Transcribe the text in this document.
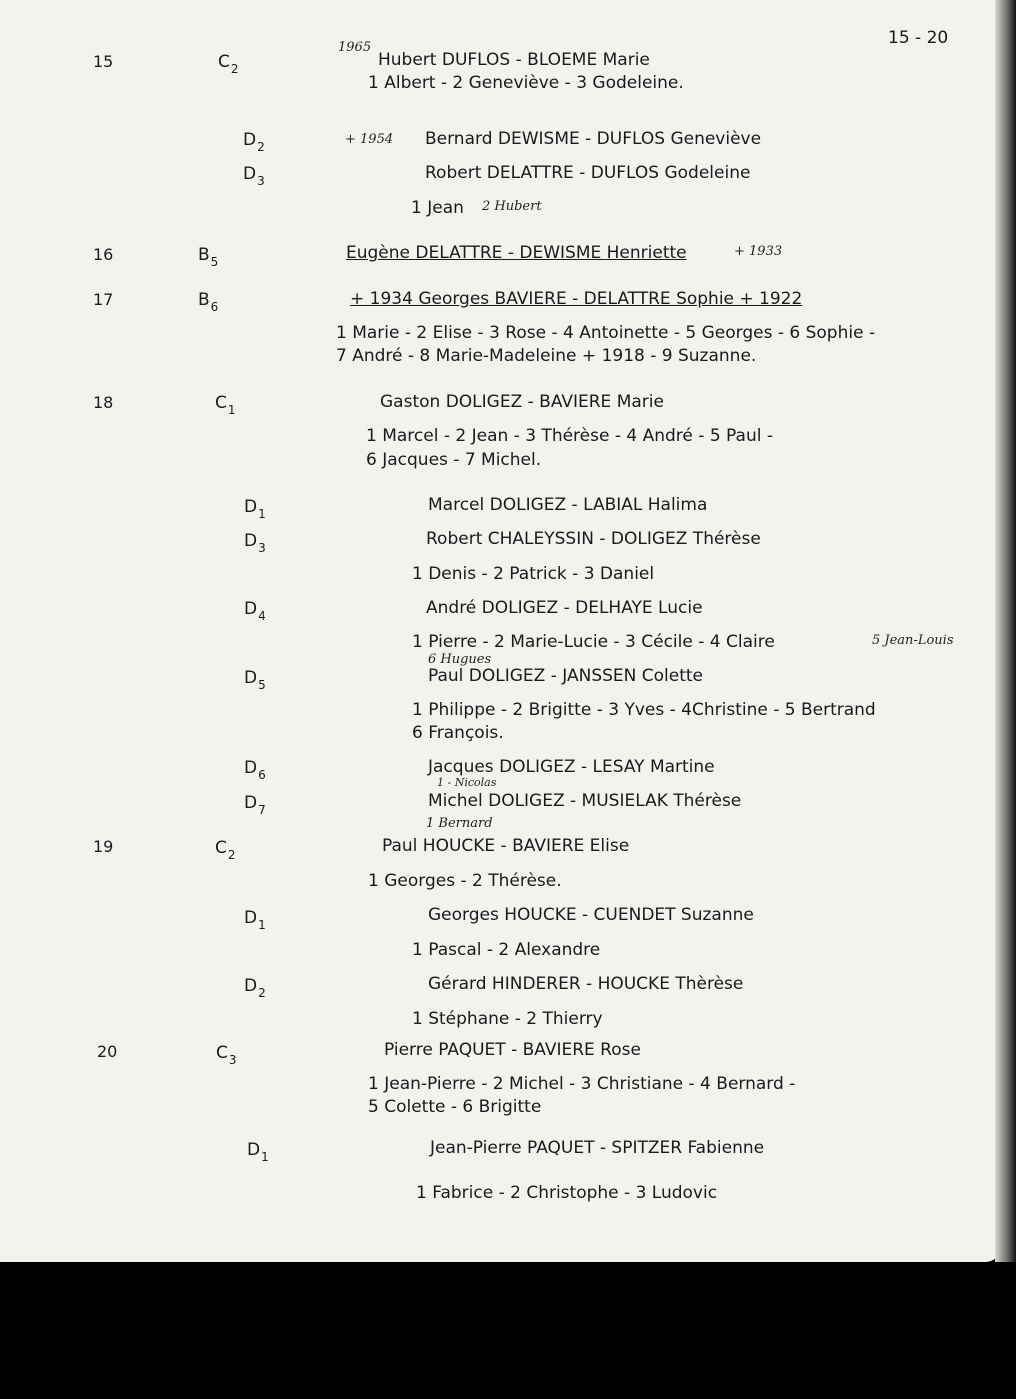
15 - 20
15	$C_2$
1965
Hubert DUFLOS - BLOEME Marie
1 Albert - 2 Geneviève - 3 Godeleine.
$D_2$	+ 1954 Bernard DEWISME - DUFLOS Geneviève
$D_3$	Robert DELATTRE - DUFLOS Godeleine
1 Jean 2 Hubert
16	$B_5$	Eugène DELATTRE - DEWISME Henriette	+ 1933
17	$B_6$	+ 1934 Georges BAVIERE - DELATTRE Sophie + 1922
1 Marie - 2 Elise - 3 Rose - 4 Antoinette - 5 Georges - 6 Sophie -
7 André - 8 Marie-Madeleine + 1918 - 9 Suzanne.
18	$C_1$	Gaston DOLIGEZ - BAVIERE Marie
1 Marcel - 2 Jean - 3 Thérèse - 4 André - 5 Paul -
6 Jacques - 7 Michel.
$D_1$	Marcel DOLIGEZ - LABIAL Halima
$D_3$	Robert CHALEYSSIN - DOLIGEZ Thérèse
1 Denis - 2 Patrick - 3 Daniel
$D_4$	André DOLIGEZ - DELHAYE Lucie
1 Pierre - 2 Marie-Lucie - 3 Cécile - 4 Claire	5 Jean-Louis
6 Hugues
$D_5$	Paul DOLIGEZ - JANSSEN Colette
1 Philippe - 2 Brigitte - 3 Yves - 4Christine - 5 Bertrand
6 François.
$D_6$	Jacques DOLIGEZ - LESAY Martine
1 - Nicolas
$D_7$	Michel DOLIGEZ - MUSIELAK Thérèse
1 Bernard
19	$C_2$	Paul HOUCKE - BAVIERE Elise
1 Georges - 2 Thérèse.
$D_1$	Georges HOUCKE - CUENDET Suzanne
1 Pascal - 2 Alexandre
$D_2$	Gérard HINDERER - HOUCKE Thèrèse
1 Stéphane - 2 Thierry
20	$C_3$	Pierre PAQUET - BAVIERE Rose
1 Jean-Pierre - 2 Michel - 3 Christiane - 4 Bernard -
5 Colette - 6 Brigitte
$D_1$	Jean-Pierre PAQUET - SPITZER Fabienne
1 Fabrice - 2 Christophe - 3 Ludovic
